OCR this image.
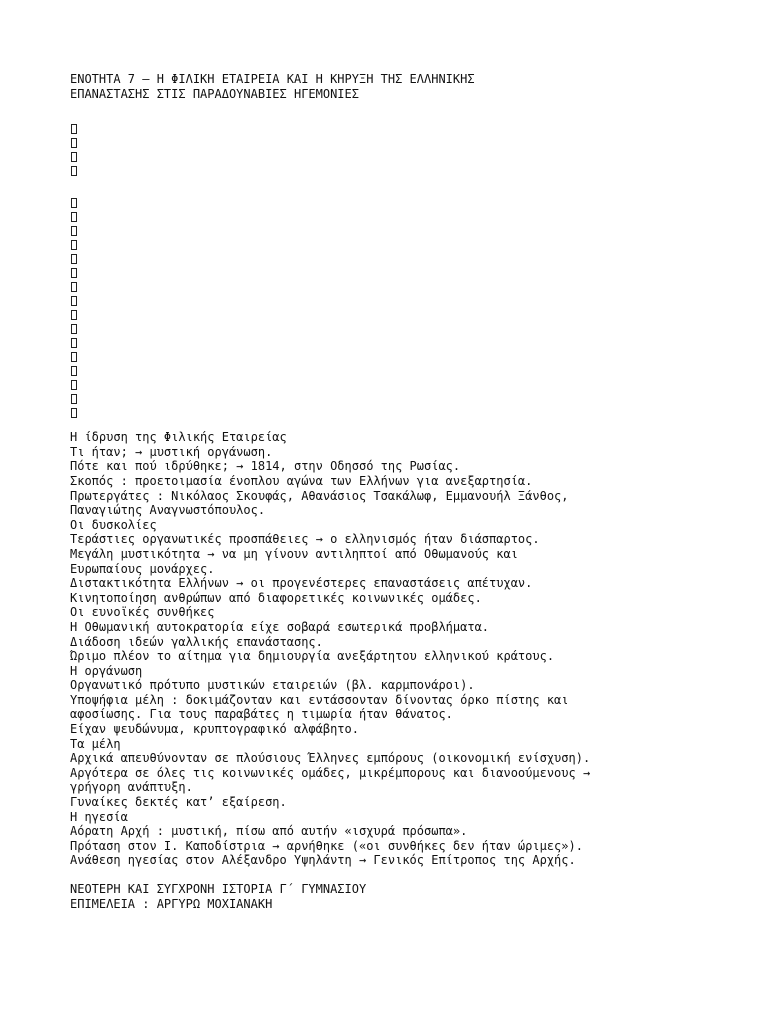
ΕΝΟΤΗΤΑ 7 – Η ΦΙΛΙΚΗ ΕΤΑΙΡΕΙΑ ΚΑΙ Η ΚΗΡΥΞΗ ΤΗΣ ΕΛΛΗΝΙΚΗΣ
ΕΠΑΝΑΣΤΑΣΗΣ ΣΤΙΣ ΠΑΡΑΔΟΥΝΑΒΙΕΣ ΗΓΕΜΟΝΙΕΣ
Η ίδρυση της Φιλικής Εταιρείας
Τι ήταν; → μυστική οργάνωση.
Πότε και πού ιδρύθηκε; → 1814, στην Οδησσό της Ρωσίας.
Σκοπός : προετοιμασία ένοπλου αγώνα των Ελλήνων για ανεξαρτησία.
Πρωτεργάτες : Νικόλαος Σκουφάς, Αθανάσιος Τσακάλωφ, Εμμανουήλ Ξάνθος,
Παναγιώτης Αναγνωστόπουλος.
Οι δυσκολίες
Τεράστιες οργανωτικές προσπάθειες → ο ελληνισμός ήταν διάσπαρτος.
Μεγάλη μυστικότητα → να μη γίνουν αντιληπτοί από Οθωμανούς και
Ευρωπαίους μονάρχες.
Διστακτικότητα Ελλήνων → οι προγενέστερες επαναστάσεις απέτυχαν.
Κινητοποίηση ανθρώπων από διαφορετικές κοινωνικές ομάδες.
Οι ευνοϊκές συνθήκες
Η Οθωμανική αυτοκρατορία είχε σοβαρά εσωτερικά προβλήματα.
Διάδοση ιδεών γαλλικής επανάστασης.
Ώριμο πλέον το αίτημα για δημιουργία ανεξάρτητου ελληνικού κράτους.
Η οργάνωση
Οργανωτικό πρότυπο μυστικών εταιρειών (βλ. καρμπονάροι).
Υποψήφια μέλη : δοκιμάζονταν και εντάσσονταν δίνοντας όρκο πίστης και
αφοσίωσης. Για τους παραβάτες η τιμωρία ήταν θάνατος.
Είχαν ψευδώνυμα, κρυπτογραφικό αλφάβητο.
Τα μέλη
Αρχικά απευθύνονταν σε πλούσιους Έλληνες εμπόρους (οικονομική ενίσχυση).
Αργότερα σε όλες τις κοινωνικές ομάδες, μικρέμπορους και διανοούμενους →
γρήγορη ανάπτυξη.
Γυναίκες δεκτές κατ’ εξαίρεση.
Η ηγεσία
Αόρατη Αρχή : μυστική, πίσω από αυτήν «ισχυρά πρόσωπα».
Πρόταση στον Ι. Καποδίστρια → αρνήθηκε («οι συνθήκες δεν ήταν ώριμες»).
Ανάθεση ηγεσίας στον Αλέξανδρο Υψηλάντη → Γενικός Επίτροπος της Αρχής.
ΝΕΟΤΕΡΗ ΚΑΙ ΣΥΓΧΡΟΝΗ ΙΣΤΟΡΙΑ Γ΄ ΓΥΜΝΑΣΙΟΥ
ΕΠΙΜΕΛΕΙΑ : ΑΡΓΥΡΩ ΜΟΧΙΑΝΑΚΗ
